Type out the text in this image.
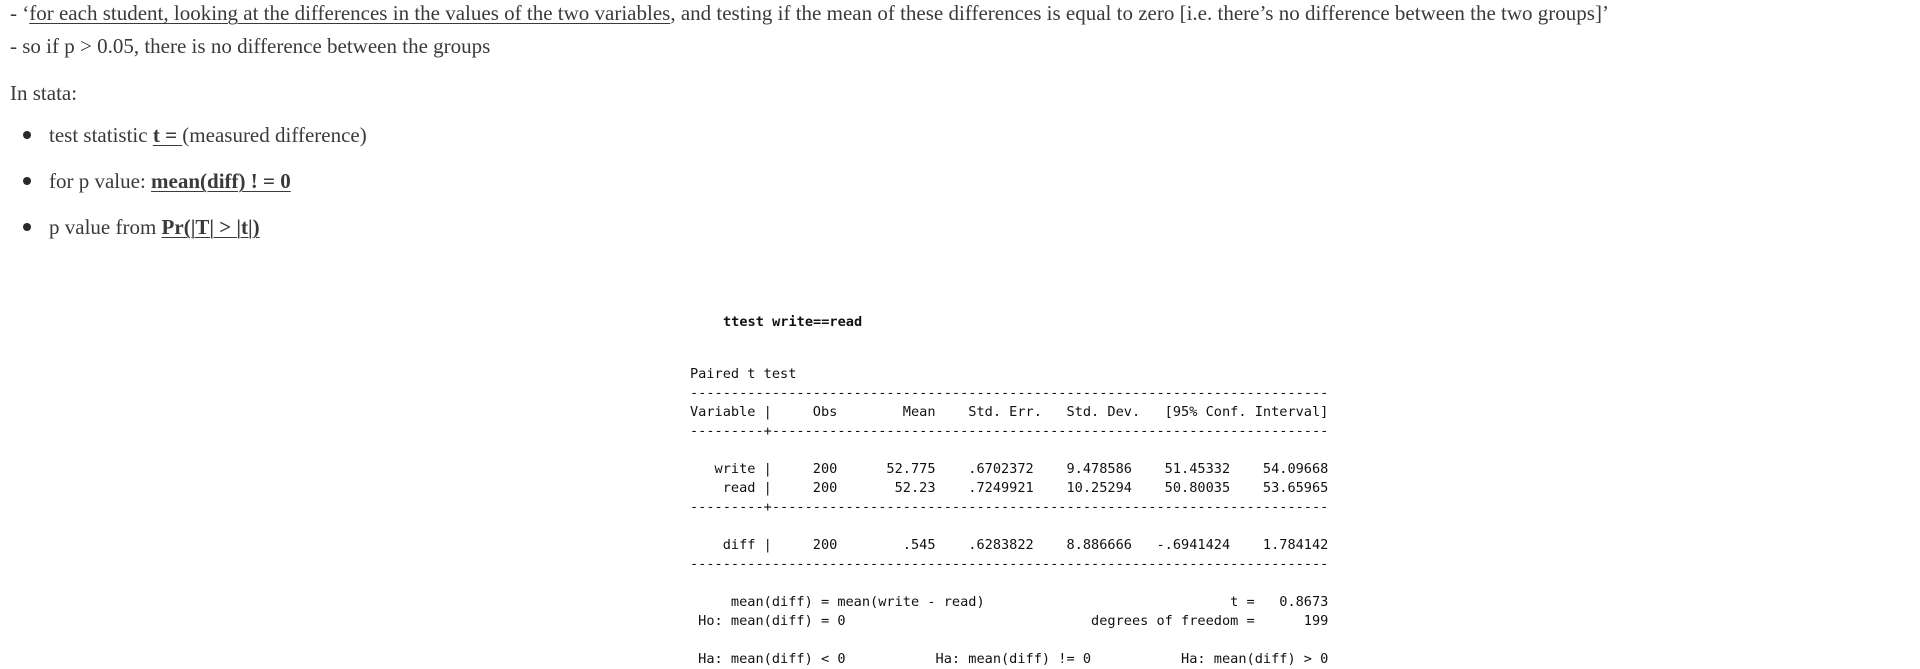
- ‘for each student, looking at the differences in the values of the two variables, and testing if the mean of these differences is equal to zero [i.e. there’s no difference between the two groups]’
- so if p > 0.05, there is no difference between the groups
In stata:
test statistic t = (measured difference)
for p value: mean(diff) ! = 0
p value from Pr(|T| > |t|)
ttest write==read
Paired t test
------------------------------------------------------------------------------
Variable |     Obs        Mean    Std. Err.   Std. Dev.   [95% Conf. Interval]
---------+--------------------------------------------------------------------

write |     200      52.775    .6702372    9.478586    51.45332    54.09668
read |     200       52.23    .7249921    10.25294    50.80035    53.65965
---------+--------------------------------------------------------------------

diff |     200        .545    .6283822    8.886666   -.6941424    1.784142
------------------------------------------------------------------------------

mean(diff) = mean(write - read)                              t =   0.8673
Ho: mean(diff) = 0                              degrees of freedom =      199

Ha: mean(diff) < 0           Ha: mean(diff) != 0           Ha: mean(diff) > 0
